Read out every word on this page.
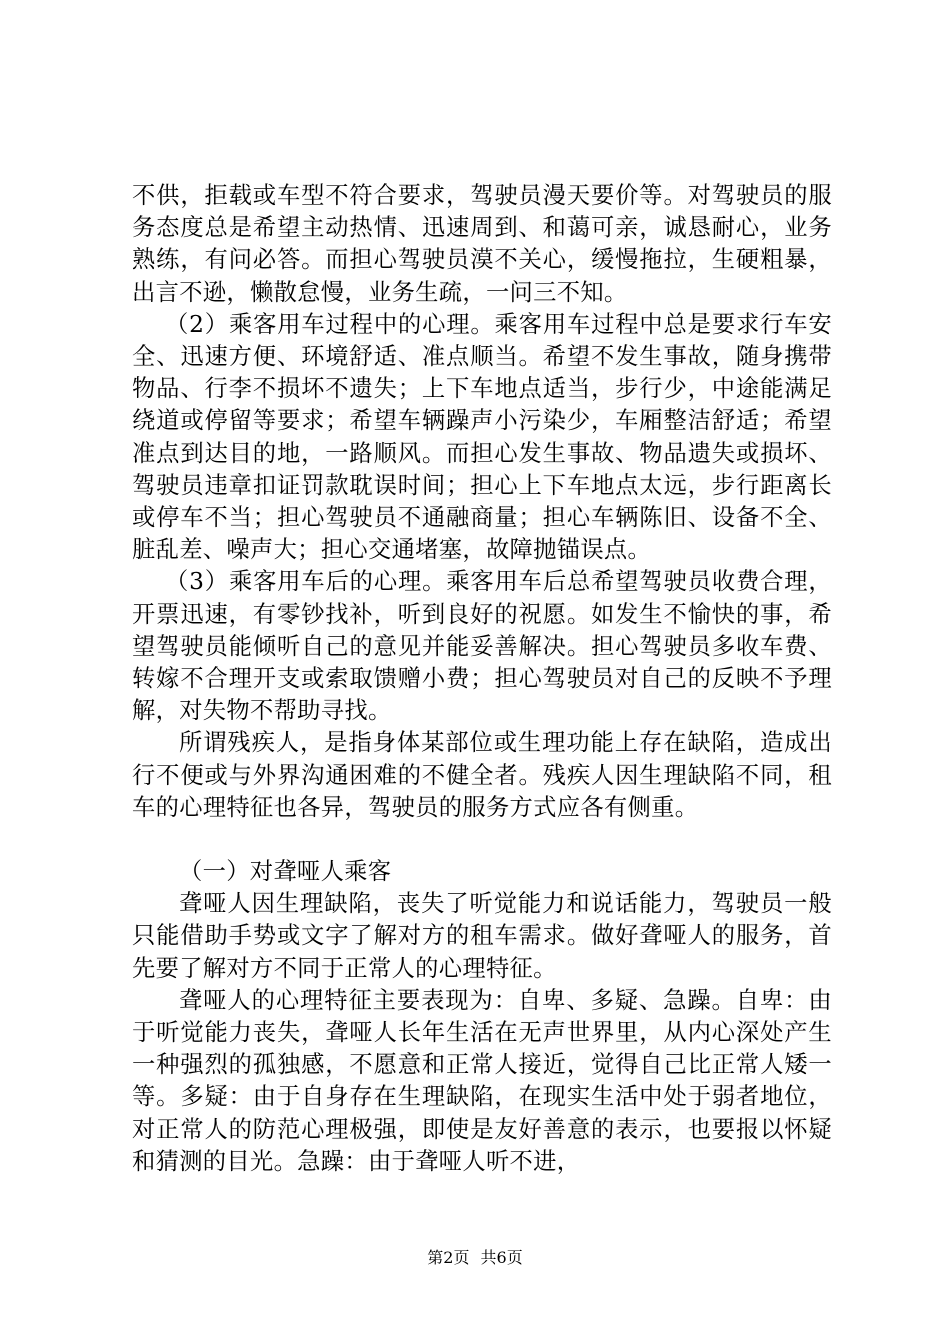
不供，拒载或车型不符合要求，驾驶员漫天要价等。对驾驶员的服务态度总是希望主动热情、迅速周到、和蔼可亲，诚恳耐心，业务熟练，有问必答。而担心驾驶员漠不关心，缓慢拖拉，生硬粗暴，出言不逊，懒散怠慢，业务生疏，一问三不知。

（2）乘客用车过程中的心理。乘客用车过程中总是要求行车安全、迅速方便、环境舒适、准点顺当。希望不发生事故，随身携带物品、行李不损坏不遗失；上下车地点适当，步行少，中途能满足绕道或停留等要求；希望车辆躁声小污染少，车厢整洁舒适；希望准点到达目的地，一路顺风。而担心发生事故、物品遗失或损坏、驾驶员违章扣证罚款耽误时间；担心上下车地点太远，步行距离长或停车不当；担心驾驶员不通融商量；担心车辆陈旧、设备不全、脏乱差、噪声大；担心交通堵塞，故障抛锚误点。

（3）乘客用车后的心理。乘客用车后总希望驾驶员收费合理，开票迅速，有零钞找补，听到良好的祝愿。如发生不愉快的事，希望驾驶员能倾听自己的意见并能妥善解决。担心驾驶员多收车费、转嫁不合理开支或索取馈赠小费；担心驾驶员对自己的反映不予理解，对失物不帮助寻找。

所谓残疾人，是指身体某部位或生理功能上存在缺陷，造成出行不便或与外界沟通困难的不健全者。残疾人因生理缺陷不同，租车的心理特征也各异，驾驶员的服务方式应各有侧重。

（一）对聋哑人乘客

聋哑人因生理缺陷，丧失了听觉能力和说话能力，驾驶员一般只能借助手势或文字了解对方的租车需求。做好聋哑人的服务，首先要了解对方不同于正常人的心理特征。

聋哑人的心理特征主要表现为：自卑、多疑、急躁。自卑：由于听觉能力丧失，聋哑人长年生活在无声世界里，从内心深处产生一种强烈的孤独感，不愿意和正常人接近，觉得自己比正常人矮一等。多疑：由于自身存在生理缺陷，在现实生活中处于弱者地位，对正常人的防范心理极强，即使是友好善意的表示，也要报以怀疑和猜测的目光。急躁：由于聋哑人听不进，

第2页 共6页
